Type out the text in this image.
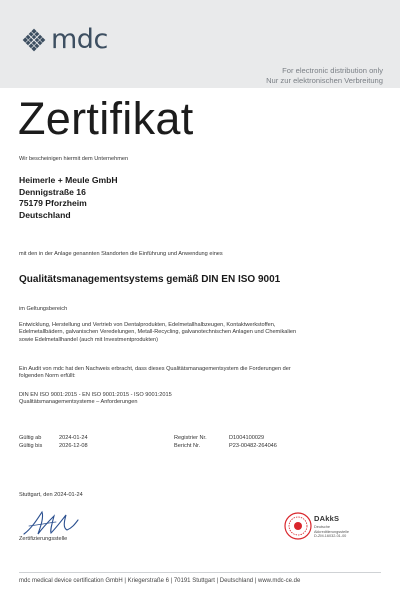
mdc
For electronic distribution only
Nur zur elektronischen Verbreitung
Zertifikat
Wir bescheinigen hiermit dem Unternehmen
Heimerle + Meule GmbH
Dennigstraße 16
75179 Pforzheim
Deutschland
mit den in der Anlage genannten Standorten die Einführung und Anwendung eines
Qualitätsmanagementsystems gemäß DIN EN ISO 9001
im Geltungsbereich
Entwicklung, Herstellung und Vertrieb von Dentalprodukten, Edelmetallhalbzeugen, Kontaktwerkstoffen,
Edelmetallbädern, galvanischen Veredelungen, Metall-Recycling, galvanotechnischen Anlagen und Chemikalien
sowie Edelmetallhandel (auch mit Investmentprodukten)
Ein Audit von mdc hat den Nachweis erbracht, dass dieses Qualitätsmanagementsystem die Forderungen der
folgenden Norm erfüllt:
DIN EN ISO 9001:2015 - EN ISO 9001:2015 - ISO 9001:2015
Qualitätsmanagementsysteme – Anforderungen
Gültig ab	2024-01-24	Registrier Nr.	D1004100029
Gültig bis	2026-12-08	Bericht Nr.	P23-00482-264046
Stuttgart, den 2024-01-24
Zertifizierungsstelle
DAkkS
Deutsche
Akkreditierungsstelle
D-ZM-16032-01-00
mdc medical device certification GmbH | Kriegerstraße 6 | 70191 Stuttgart | Deutschland | www.mdc-ce.de
